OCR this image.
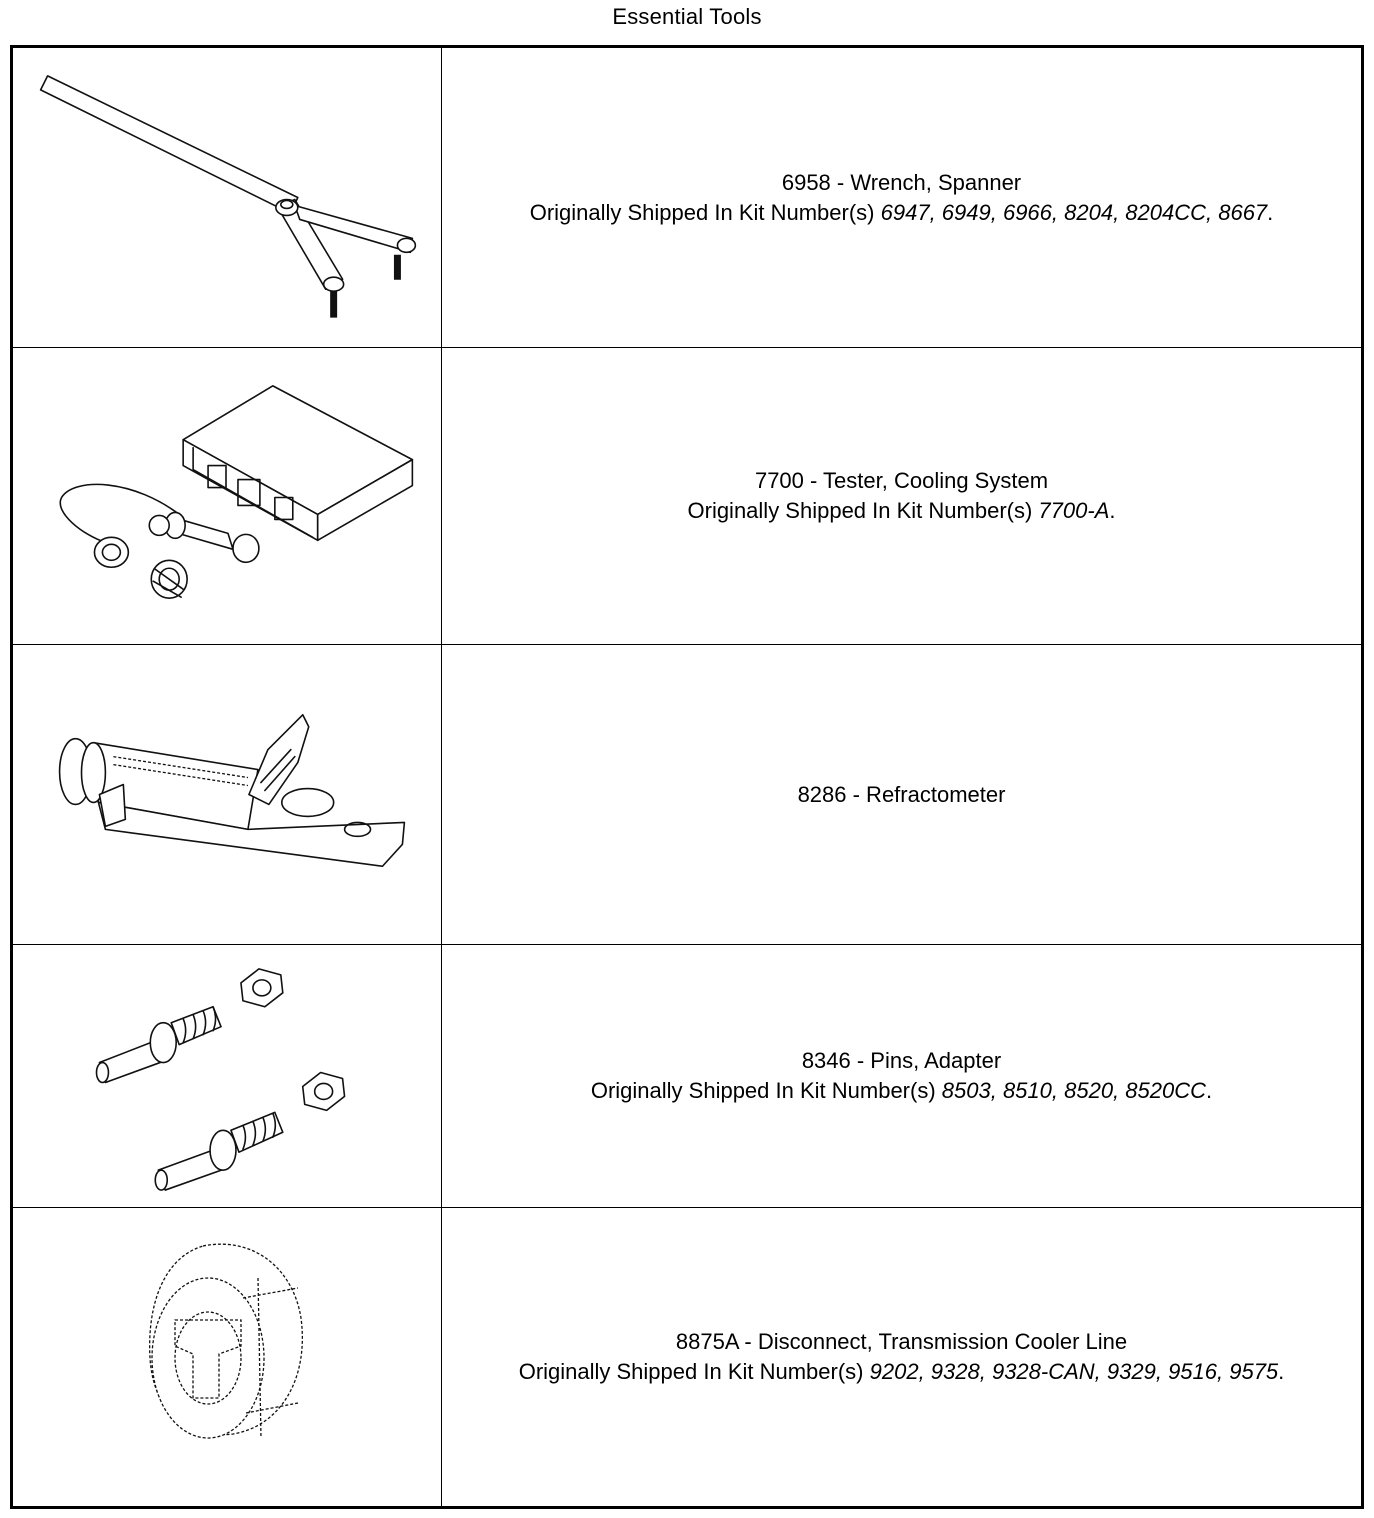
Essential Tools
6958 - Wrench, Spanner
Originally Shipped In Kit Number(s) 6947, 6949, 6966, 8204, 8204CC, 8667.
7700 - Tester, Cooling System
Originally Shipped In Kit Number(s) 7700-A.
8286 - Refractometer
8346 - Pins, Adapter
Originally Shipped In Kit Number(s) 8503, 8510, 8520, 8520CC.
8875A - Disconnect, Transmission Cooler Line
Originally Shipped In Kit Number(s) 9202, 9328, 9328-CAN, 9329, 9516, 9575.
